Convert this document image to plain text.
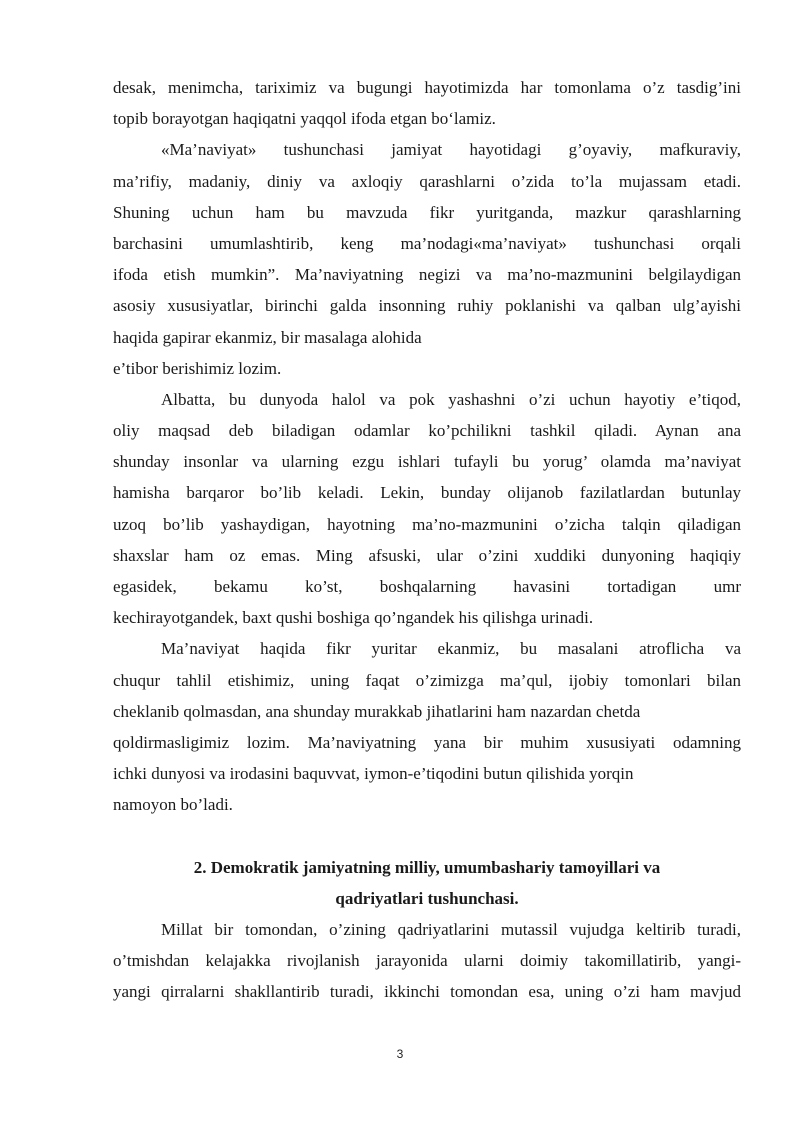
desak, menimcha, tariximiz va bugungi hayotimizda har tomonlama o’z tasdig’ini
topib borayotgan haqiqatni yaqqol ifoda etgan bo‘lamiz.
«Ma’naviyat» tushunchasi jamiyat hayotidagi g’oyaviy, mafkuraviy,
ma’rifiy, madaniy, diniy va axloqiy qarashlarni o’zida to’la mujassam etadi.
Shuning uchun ham bu mavzuda fikr yuritganda, mazkur qarashlarning
barchasini umumlashtirib, keng ma’nodagi«ma’naviyat» tushunchasi orqali
ifoda etish mumkin”. Ma’naviyatning negizi va ma’no-mazmunini belgilaydigan
asosiy xususiyatlar, birinchi galda insonning ruhiy poklanishi va qalban ulg’ayishi
haqida gapirar ekanmiz, bir masalaga alohida
e’tibor berishimiz lozim.
Albatta, bu dunyoda halol va pok yashashni o’zi uchun hayotiy e’tiqod,
oliy maqsad deb biladigan odamlar ko’pchilikni tashkil qiladi. Aynan ana
shunday insonlar va ularning ezgu ishlari tufayli bu yorug’ olamda ma’naviyat
hamisha barqaror bo’lib keladi. Lekin, bunday olijanob fazilatlardan butunlay
uzoq bo’lib yashaydigan, hayotning ma’no-mazmunini o’zicha talqin qiladigan
shaxslar ham oz emas. Ming afsuski, ular o’zini xuddiki dunyoning haqiqiy
egasidek, bekamu ko’st, boshqalarning havasini tortadigan umr
kechirayotgandek, baxt qushi boshiga qo’ngandek his qilishga urinadi.
Ma’naviyat haqida fikr yuritar ekanmiz, bu masalani atroflicha va
chuqur tahlil etishimiz, uning faqat o’zimizga ma’qul, ijobiy tomonlari bilan
cheklanib qolmasdan, ana shunday murakkab jihatlarini ham nazardan chetda
qoldirmasligimiz lozim. Ma’naviyatning yana bir muhim xususiyati odamning
ichki dunyosi va irodasini baquvvat, iymon-e’tiqodini butun qilishida yorqin
namoyon bo’ladi.
2. Demokratik jamiyatning milliy, umumbashariy tamoyillari va
qadriyatlari tushunchasi.
Millat bir tomondan, o’zining qadriyatlarini mutassil vujudga keltirib turadi,
o’tmishdan kelajakka rivojlanish jarayonida ularni doimiy takomillatirib, yangi-
yangi qirralarni shakllantirib turadi, ikkinchi tomondan esa, uning o’zi ham mavjud
3
